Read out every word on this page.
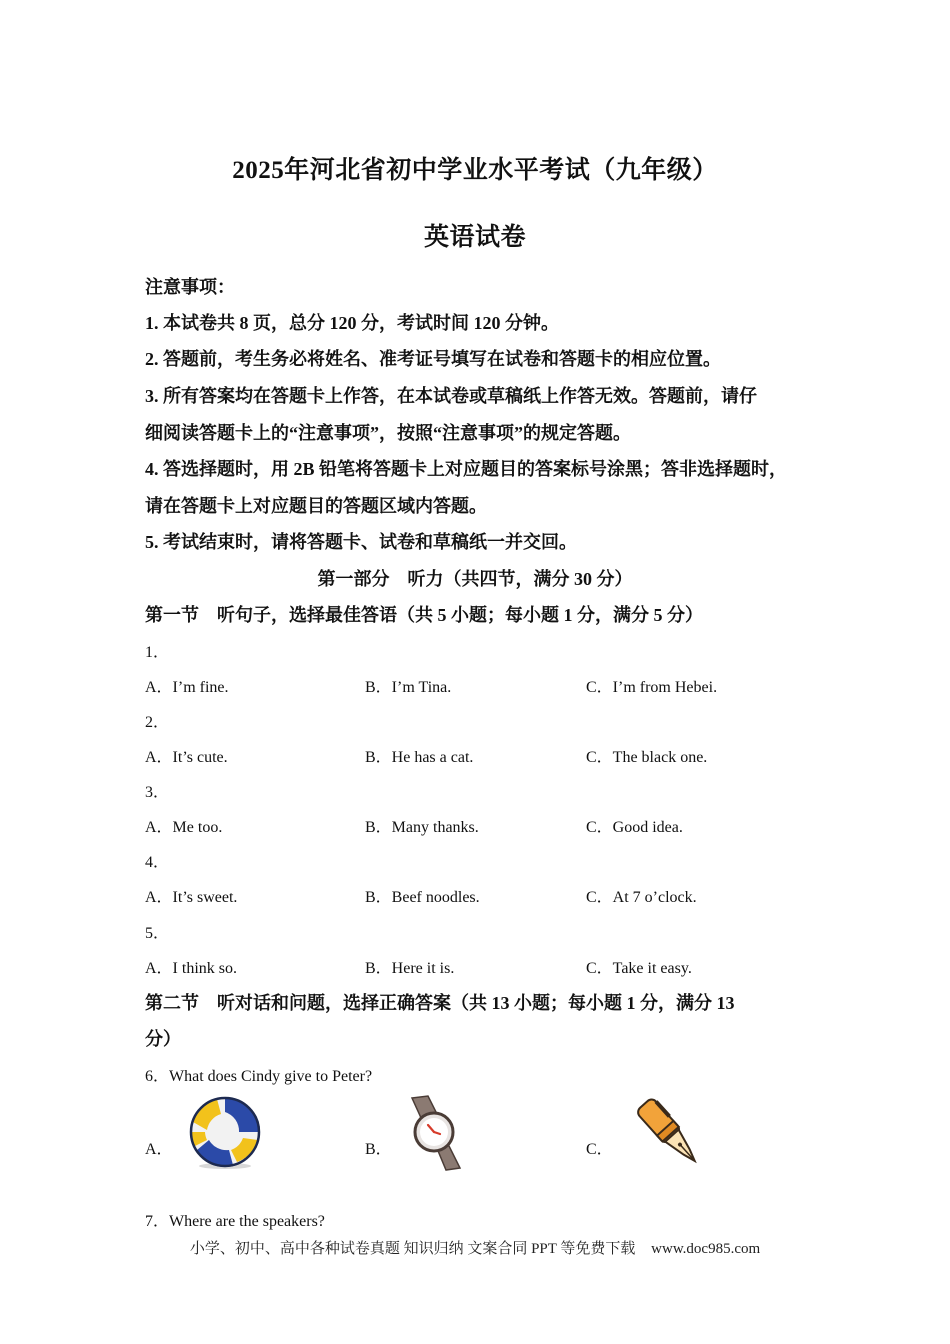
2025年河北省初中学业水平考试（九年级）
英语试卷
注意事项：
1. 本试卷共 8 页，总分 120 分，考试时间 120 分钟。
2. 答题前，考生务必将姓名、准考证号填写在试卷和答题卡的相应位置。
3. 所有答案均在答题卡上作答，在本试卷或草稿纸上作答无效。答题前，请仔
细阅读答题卡上的“注意事项”，按照“注意事项”的规定答题。
4. 答选择题时，用 2B 铅笔将答题卡上对应题目的答案标号涂黑；答非选择题时，
请在答题卡上对应题目的答题区域内答题。
5. 考试结束时，请将答题卡、试卷和草稿纸一并交回。
第一部分　听力（共四节，满分 30 分）
第一节　听句子，选择最佳答语（共 5 小题；每小题 1 分，满分 5 分）
1．
A．I’m fine.	B．I’m Tina.	C．I’m from Hebei.
2．
A．It’s cute.	B．He has a cat.	C．The black one.
3．
A．Me too.	B．Many thanks.	C．Good idea.
4．
A．It’s sweet.	B．Beef noodles.	C．At 7 o’clock.
5．
A．I think so.	B．Here it is.	C．Take it easy.
第二节　听对话和问题，选择正确答案（共 13 小题；每小题 1 分，满分 13
分）
6．What does Cindy give to Peter?
A．	B．	C．
7．Where are the speakers?
小学、初中、高中各种试卷真题 知识归纳 文案合同 PPT 等免费下载 www.doc985.com
